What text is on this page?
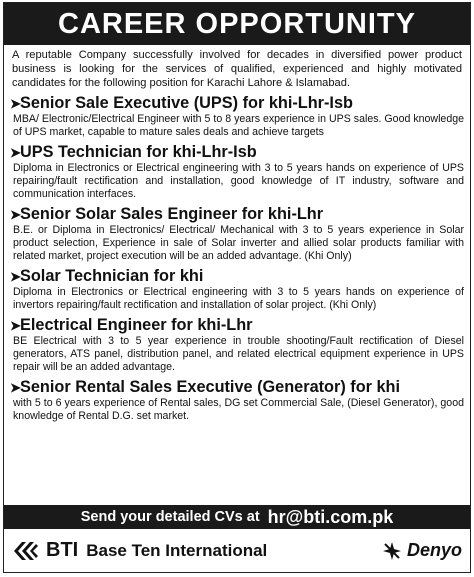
CAREER OPPORTUNITY
A reputable Company successfully involved for decades in diversified power product business is looking for the services of qualified, experienced and highly motivated candidates for the following position for Karachi Lahore & Islamabad.
➤ Senior Sale Executive (UPS) for khi-Lhr-Isb
MBA/ Electronic/Electrical Engineer with 5 to 8 years experience in UPS sales. Good knowledge of UPS market, capable to mature sales deals and achieve targets
➤ UPS Technician for khi-Lhr-Isb
Diploma in Electronics or Electrical engineering with 3 to 5 years hands on experience of UPS repairing/fault rectification and installation, good knowledge of IT industry, software and communication interfaces.
➤ Senior Solar Sales Engineer for khi-Lhr
B.E. or Diploma in Electronics/ Electrical/ Mechanical with 3 to 5 years experience in Solar product selection, Experience in sale of Solar inverter and allied solar products familiar with related market, project execution will be an added advantage. (Khi Only)
➤ Solar Technician for khi
Diploma in Electronics or Electrical engineering with 3 to 5 years hands on experience of invertors repairing/fault rectification and installation of solar project. (Khi Only)
➤ Electrical Engineer for khi-Lhr
BE Electrical with 3 to 5 year experience in trouble shooting/Fault rectification of Diesel generators, ATS panel, distribution panel, and related electrical equipment experience in UPS repair will be an added advantage.
➤ Senior Rental Sales Executive (Generator) for khi
with 5 to 6 years experience of Rental sales, DG set Commercial Sale, (Diesel Generator), good knowledge of Rental D.G. set market.
Send your detailed CVs at hr@bti.com.pk
BTI Base Ten International	Denyo
